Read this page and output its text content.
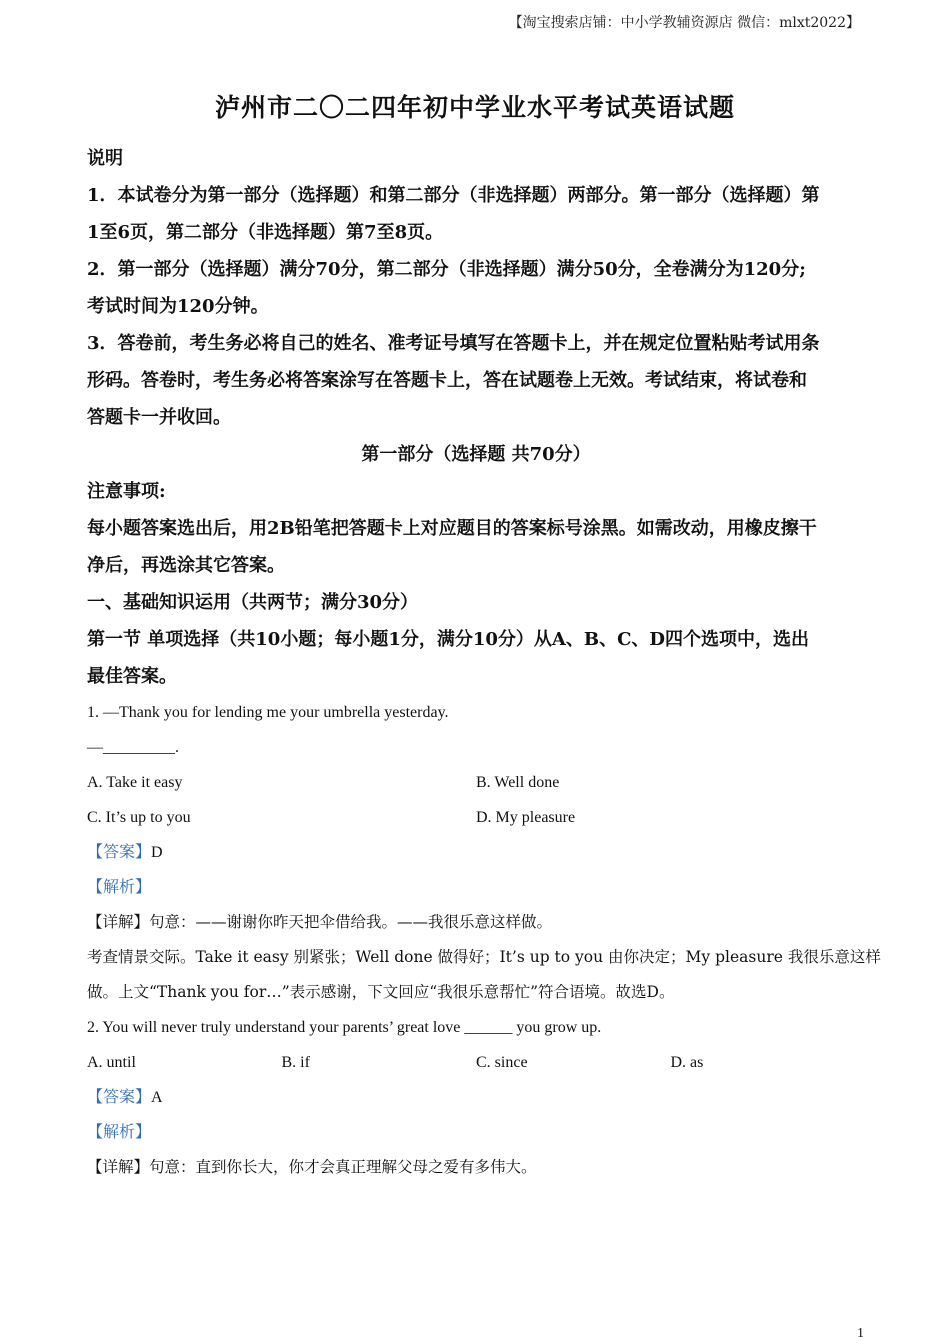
【淘宝搜索店铺：中小学教辅资源店 微信：mlxt2022】
泸州市二〇二四年初中学业水平考试英语试题
说明
1．本试卷分为第一部分（选择题）和第二部分（非选择题）两部分。第一部分（选择题）第
1至6页，第二部分（非选择题）第7至8页。
2．第一部分（选择题）满分70分，第二部分（非选择题）满分50分，全卷满分为120分;
考试时间为120分钟。
3．答卷前，考生务必将自己的姓名、准考证号填写在答题卡上，并在规定位置粘贴考试用条
形码。答卷时，考生务必将答案涂写在答题卡上，答在试题卷上无效。考试结束，将试卷和
答题卡一并收回。
第一部分（选择题 共70分）
注意事项:
每小题答案选出后，用2B铅笔把答题卡上对应题目的答案标号涂黑。如需改动，用橡皮擦干
净后，再选涂其它答案。
一、基础知识运用（共两节；满分30分）
第一节 单项选择（共10小题；每小题1分，满分10分）从A、B、C、D四个选项中，选出
最佳答案。
1. —Thank you for lending me your umbrella yesterday.
—_________.
A. Take it easy	B. Well done
C. It’s up to you	D. My pleasure
【答案】D
【解析】
【详解】句意：——谢谢你昨天把伞借给我。——我很乐意这样做。
考查情景交际。Take it easy 别紧张；Well done 做得好；It’s up to you 由你决定；My pleasure 我很乐意这样
做。上文“Thank you for…”表示感谢，下文回应“我很乐意帮忙”符合语境。故选D。
2. You will never truly understand your parents’ great love ______ you grow up.
A. until	B. if	C. since	D. as
【答案】A
【解析】
【详解】句意：直到你长大，你才会真正理解父母之爱有多伟大。
1
